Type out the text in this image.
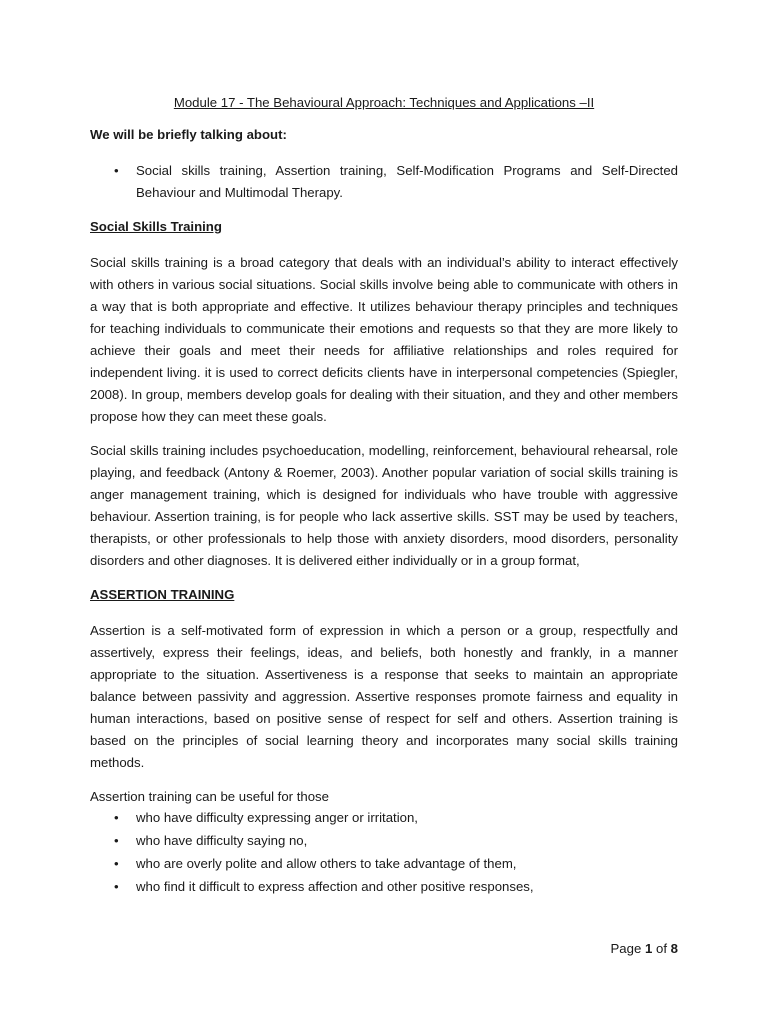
Module 17 - The Behavioural Approach: Techniques and Applications –II
We will be briefly talking about:
• Social skills training, Assertion training, Self-Modification Programs and Self-Directed Behaviour and Multimodal Therapy.
Social Skills Training

Social skills training is a broad category that deals with an individual’s ability to interact effectively with others in various social situations. Social skills involve being able to communicate with others in a way that is both appropriate and effective. It utilizes behaviour therapy principles and techniques for teaching individuals to communicate their emotions and requests so that they are more likely to achieve their goals and meet their needs for affiliative relationships and roles required for independent living. it is used to correct deficits clients have in interpersonal competencies (Spiegler, 2008). In group, members develop goals for dealing with their situation, and they and other members propose how they can meet these goals.

Social skills training includes psychoeducation, modelling, reinforcement, behavioural rehearsal, role playing, and feedback (Antony & Roemer, 2003). Another popular variation of social skills training is anger management training, which is designed for individuals who have trouble with aggressive behaviour. Assertion training, is for people who lack assertive skills. SST may be used by teachers, therapists, or other professionals to help those with anxiety disorders, mood disorders, personality disorders and other diagnoses. It is delivered either individually or in a group format,

ASSERTION TRAINING

Assertion is a self-motivated form of expression in which a person or a group, respectfully and assertively, express their feelings, ideas, and beliefs, both honestly and frankly, in a manner appropriate to the situation. Assertiveness is a response that seeks to maintain an appropriate balance between passivity and aggression. Assertive responses promote fairness and equality in human interactions, based on positive sense of respect for self and others. Assertion training is based on the principles of social learning theory and incorporates many social skills training methods.

Assertion training can be useful for those

• who have difficulty expressing anger or irritation,
• who have difficulty saying no,
• who are overly polite and allow others to take advantage of them,
• who find it difficult to express affection and other positive responses,
Page 1 of 8
